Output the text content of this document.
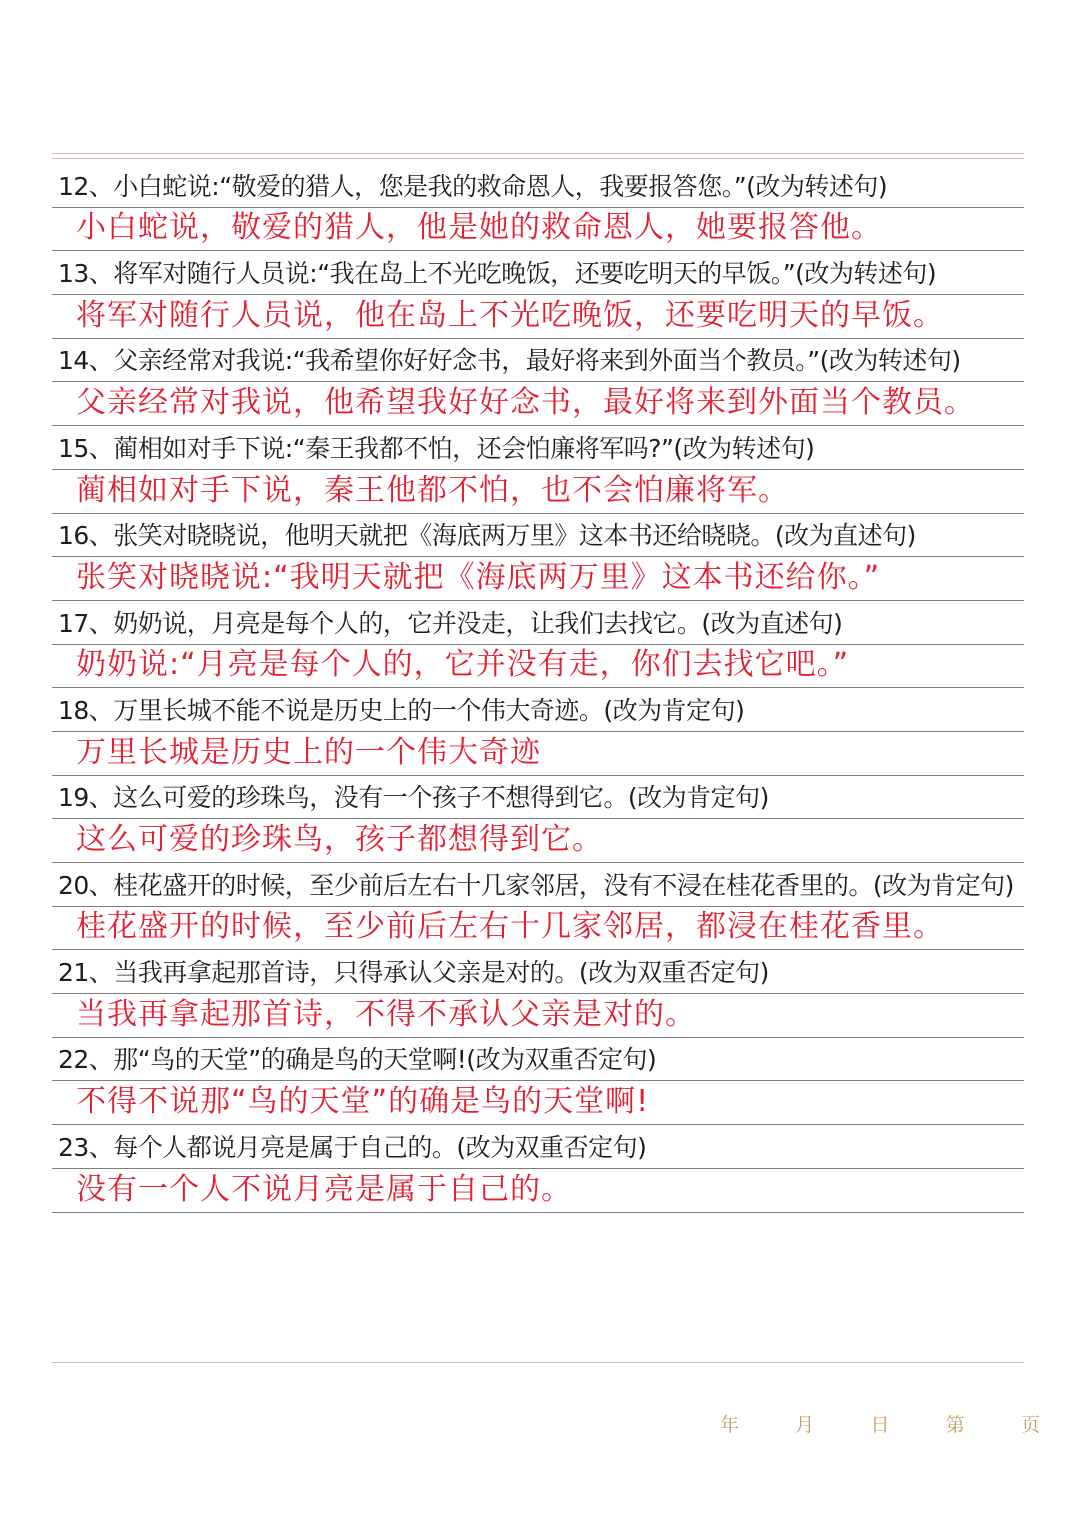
12、小白蛇说:“敬爱的猎人，您是我的救命恩人，我要报答您。”(改为转述句)
小白蛇说，敬爱的猎人，他是她的救命恩人，她要报答他。
13、将军对随行人员说:“我在岛上不光吃晚饭，还要吃明天的早饭。”(改为转述句)
将军对随行人员说，他在岛上不光吃晚饭，还要吃明天的早饭。
14、父亲经常对我说:“我希望你好好念书，最好将来到外面当个教员。”(改为转述句)
父亲经常对我说，他希望我好好念书，最好将来到外面当个教员。
15、蔺相如对手下说:“秦王我都不怕，还会怕廉将军吗?”(改为转述句)
蔺相如对手下说，秦王他都不怕，也不会怕廉将军。
16、张笑对晓晓说，他明天就把《海底两万里》这本书还给晓晓。(改为直述句)
张笑对晓晓说:“我明天就把《海底两万里》这本书还给你。”
17、奶奶说，月亮是每个人的，它并没走，让我们去找它。(改为直述句)
奶奶说:“月亮是每个人的，它并没有走，你们去找它吧。”
18、万里长城不能不说是历史上的一个伟大奇迹。(改为肯定句)
万里长城是历史上的一个伟大奇迹
19、这么可爱的珍珠鸟，没有一个孩子不想得到它。(改为肯定句)
这么可爱的珍珠鸟，孩子都想得到它。
20、桂花盛开的时候，至少前后左右十几家邻居，没有不浸在桂花香里的。(改为肯定句)
桂花盛开的时候，至少前后左右十几家邻居，都浸在桂花香里。
21、当我再拿起那首诗，只得承认父亲是对的。(改为双重否定句)
当我再拿起那首诗，不得不承认父亲是对的。
22、那“鸟的天堂”的确是鸟的天堂啊!(改为双重否定句)
不得不说那“鸟的天堂”的确是鸟的天堂啊!
23、每个人都说月亮是属于自己的。(改为双重否定句)
没有一个人不说月亮是属于自己的。
年	月	日	第	页
